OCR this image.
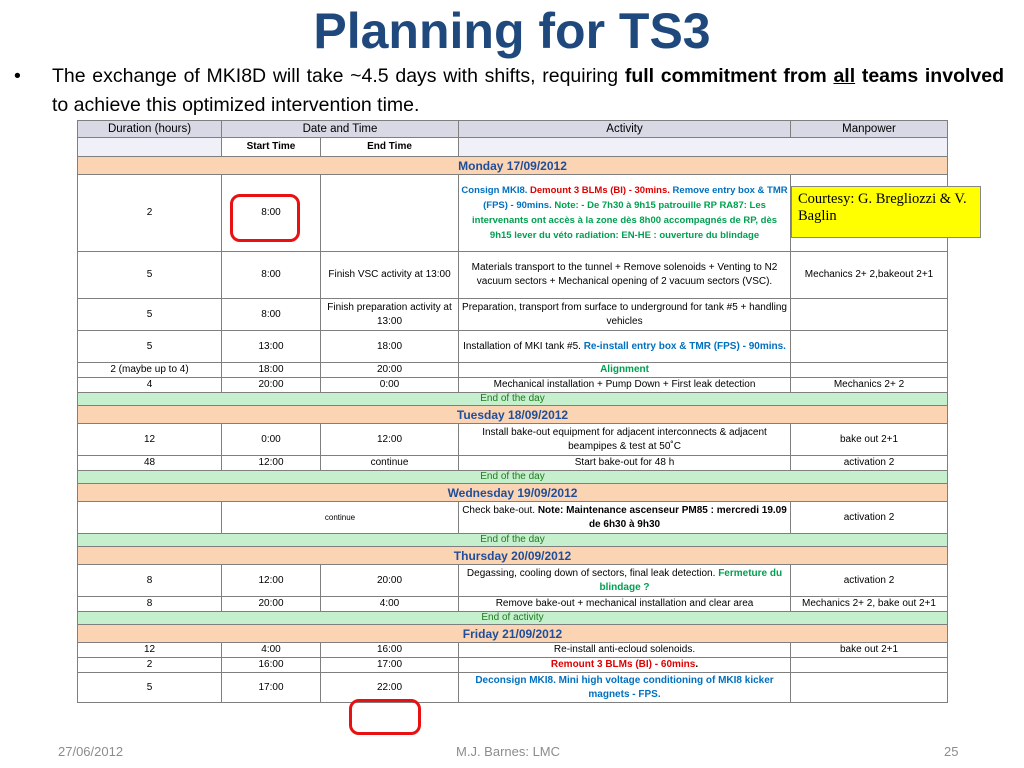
Planning for TS3
• The exchange of MKI8D will take ~4.5 days with shifts, requiring full commitment from all teams involved to achieve this optimized intervention time.
Duration (hours)	Date and Time		Activity	Manpower
	Start Time	End Time		
Monday 17/09/2012				
2	8:00		Consign MKI8. Demount 3 BLMs (BI) - 30mins. Remove entry box & TMR (FPS) - 90mins. Note: - De 7h30 à 9h15 patrouille RP RA87: Les intervenants ont accès à la zone dès 8h00 accompagnés de RP, dès 9h15 lever du véto radiation: EN-HE : ouverture du blindage	
5	8:00	Finish VSC activity at 13:00	Materials transport to the tunnel + Remove solenoids + Venting to N2 vacuum sectors + Mechanical opening of 2 vacuum sectors (VSC).	Mechanics 2+ 2,bakeout 2+1
5	8:00	Finish preparation activity at 13:00	Preparation, transport from surface to underground for tank #5 + handling vehicles	
5	13:00	18:00	Installation of MKI tank #5. Re-install entry box & TMR (FPS) - 90mins.	
2 (maybe up to 4)	18:00	20:00	Alignment	
4	20:00	0:00	Mechanical installation + Pump Down + First leak detection	Mechanics 2+ 2
End of the day				
Tuesday 18/09/2012				
12	0:00	12:00	Install bake-out equipment for adjacent interconnects & adjacent beampipes & test at 50˚C	bake out 2+1
48	12:00	continue	Start bake-out for 48 h	activation 2
End of the day				
Wednesday 19/09/2012				
	continue		Check bake-out. Note: Maintenance ascenseur PM85 : mercredi 19.09 de 6h30 à 9h30	activation 2
End of the day				
Thursday 20/09/2012				
8	12:00	20:00	Degassing, cooling down of sectors, final leak detection. Fermeture du blindage ?	activation 2
8	20:00	4:00	Remove bake-out + mechanical installation and clear area	Mechanics 2+ 2, bake out 2+1
End of activity				
Friday 21/09/2012				
12	4:00	16:00	Re-install anti-ecloud solenoids.	bake out 2+1
2	16:00	17:00	Remount 3 BLMs (BI) - 60mins.	
5	17:00	22:00	Deconsign MKI8. Mini high voltage conditioning of MKI8 kicker magnets - FPS.	
Courtesy: G. Bregliozzi & V. Baglin
27/06/2012	M.J. Barnes: LMC	25
